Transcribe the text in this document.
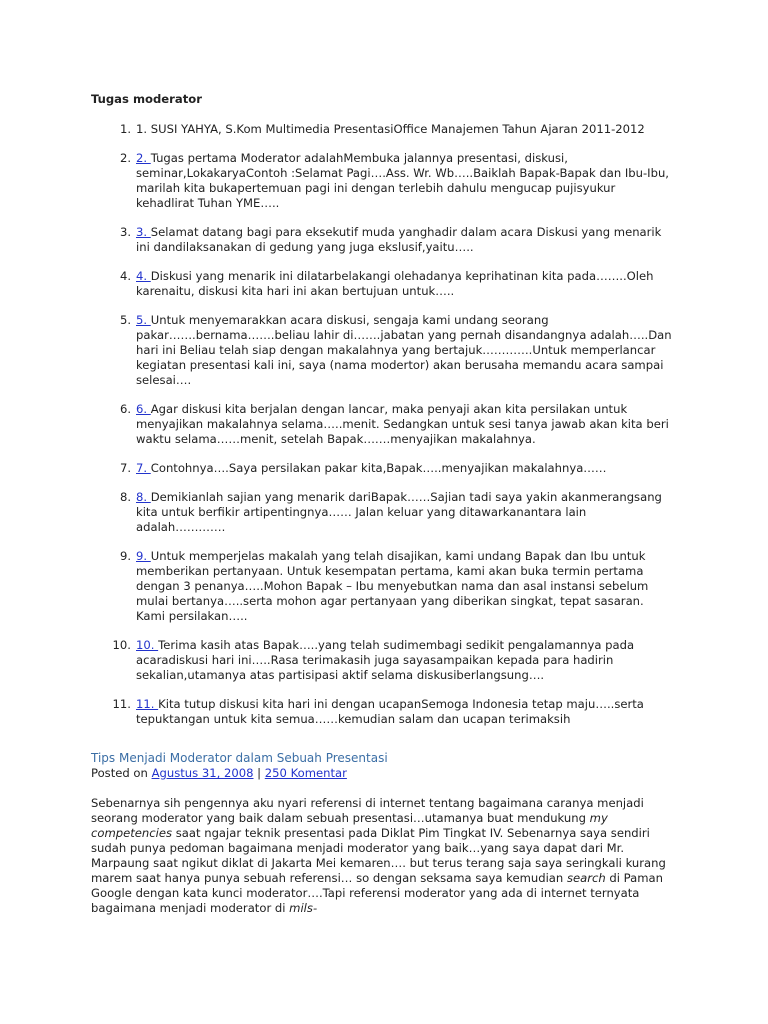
Tugas moderator
1. 1. SUSI YAHYA, S.Kom Multimedia PresentasiOffice Manajemen Tahun Ajaran 2011-2012
2. 2. Tugas pertama Moderator adalahMembuka jalannya presentasi, diskusi, seminar,LokakaryaContoh :Selamat Pagi….Ass. Wr. Wb…..Baiklah Bapak-Bapak dan Ibu-Ibu, marilah kita bukapertemuan pagi ini dengan terlebih dahulu mengucap pujisyukur kehadlirat Tuhan YME…..
3. 3. Selamat datang bagi para eksekutif muda yanghadir dalam acara Diskusi yang menarik ini dandilaksanakan di gedung yang juga ekslusif,yaitu…..
4. 4. Diskusi yang menarik ini dilatarbelakangi olehadanya keprihatinan kita pada……..Oleh karenaitu, diskusi kita hari ini akan bertujuan untuk…..
5. 5. Untuk menyemarakkan acara diskusi, sengaja kami undang seorang pakar…….bernama…….beliau lahir di…….jabatan yang pernah disandangnya adalah…..Dan hari ini Beliau telah siap dengan makalahnya yang bertajuk………….Untuk memperlancar kegiatan presentasi kali ini, saya (nama modertor) akan berusaha memandu acara sampai selesai….
6. 6. Agar diskusi kita berjalan dengan lancar, maka penyaji akan kita persilakan untuk menyajikan makalahnya selama…..menit. Sedangkan untuk sesi tanya jawab akan kita beri waktu selama……menit, setelah Bapak…….menyajikan makalahnya.
7. 7. Contohnya….Saya persilakan pakar kita,Bapak…..menyajikan makalahnya……
8. 8. Demikianlah sajian yang menarik dariBapak……Sajian tadi saya yakin akanmerangsang kita untuk berfikir artipentingnya…… Jalan keluar yang ditawarkanantara lain adalah………….
9. 9. Untuk memperjelas makalah yang telah disajikan, kami undang Bapak dan Ibu untuk memberikan pertanyaan. Untuk kesempatan pertama, kami akan buka termin pertama dengan 3 penanya…..Mohon Bapak – Ibu menyebutkan nama dan asal instansi sebelum mulai bertanya…..serta mohon agar pertanyaan yang diberikan singkat, tepat sasaran. Kami persilakan…..
10. 10. Terima kasih atas Bapak…..yang telah sudimembagi sedikit pengalamannya pada acaradiskusi hari ini…..Rasa terimakasih juga sayasampaikan kepada para hadirin sekalian,utamanya atas partisipasi aktif selama diskusiberlangsung….
11. 11. Kita tutup diskusi kita hari ini dengan ucapanSemoga Indonesia tetap maju…..serta tepuktangan untuk kita semua……kemudian salam dan ucapan terimaksih
Tips Menjadi Moderator dalam Sebuah Presentasi
Posted on Agustus 31, 2008 | 250 Komentar
Sebenarnya sih pengennya aku nyari referensi di internet tentang bagaimana caranya menjadi seorang moderator yang baik dalam sebuah presentasi…utamanya buat mendukung my competencies saat ngajar teknik presentasi pada Diklat Pim Tingkat IV. Sebenarnya saya sendiri sudah punya pedoman bagaimana menjadi moderator yang baik…yang saya dapat dari Mr. Marpaung saat ngikut diklat di Jakarta Mei kemaren…. but terus terang saja saya seringkali kurang marem saat hanya punya sebuah referensi… so dengan seksama saya kemudian search di Paman Google dengan kata kunci moderator….Tapi referensi moderator yang ada di internet ternyata bagaimana menjadi moderator di mils-
